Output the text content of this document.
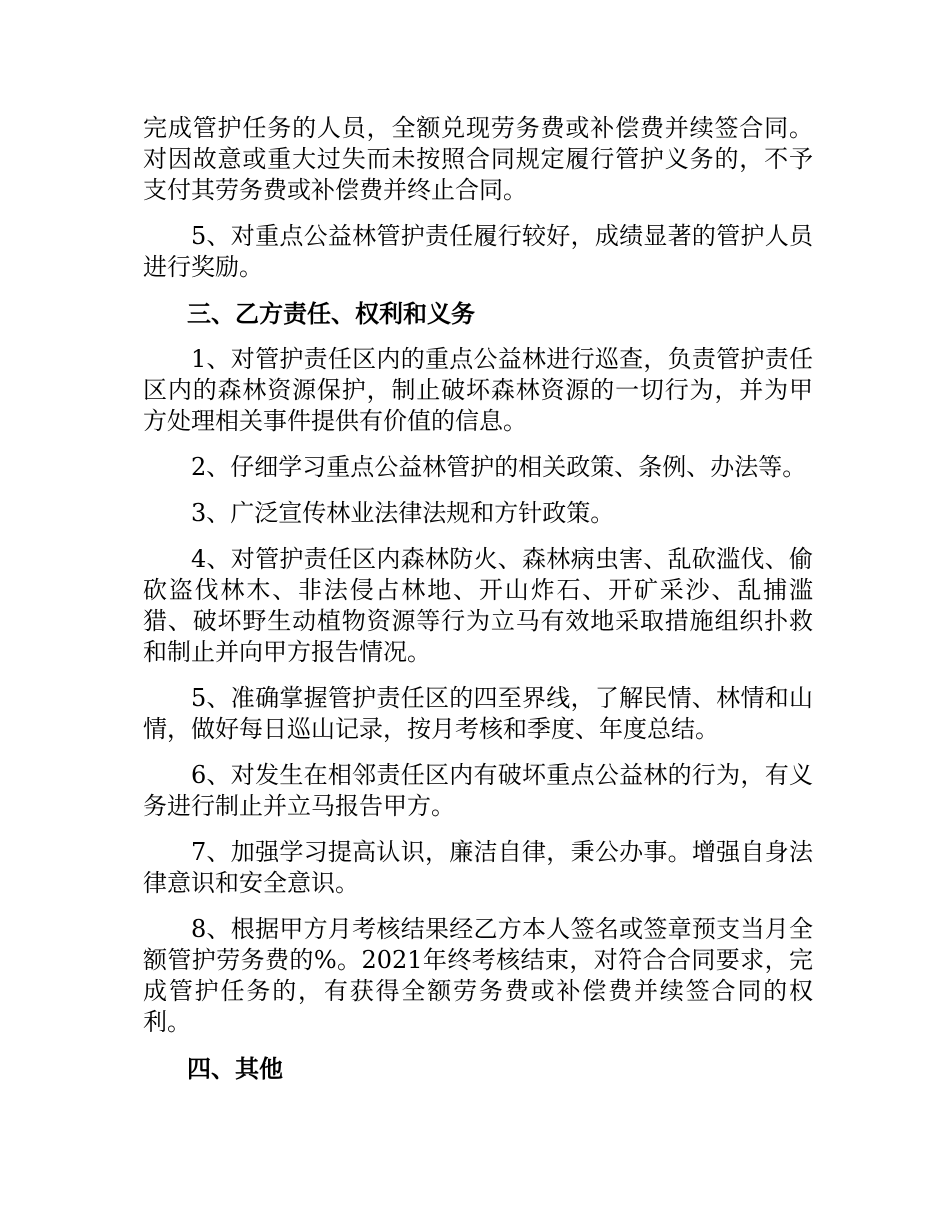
完成管护任务的人员，全额兑现劳务费或补偿费并续签合同。对因故意或重大过失而未按照合同规定履行管护义务的，不予支付其劳务费或补偿费并终止合同。

5、对重点公益林管护责任履行较好，成绩显著的管护人员进行奖励。

三、乙方责任、权利和义务

1、对管护责任区内的重点公益林进行巡查，负责管护责任区内的森林资源保护，制止破坏森林资源的一切行为，并为甲方处理相关事件提供有价值的信息。

2、仔细学习重点公益林管护的相关政策、条例、办法等。

3、广泛宣传林业法律法规和方针政策。

4、对管护责任区内森林防火、森林病虫害、乱砍滥伐、偷砍盗伐林木、非法侵占林地、开山炸石、开矿采沙、乱捕滥猎、破坏野生动植物资源等行为立马有效地采取措施组织扑救和制止并向甲方报告情况。

5、准确掌握管护责任区的四至界线，了解民情、林情和山情，做好每日巡山记录，按月考核和季度、年度总结。

6、对发生在相邻责任区内有破坏重点公益林的行为，有义务进行制止并立马报告甲方。

7、加强学习提高认识，廉洁自律，秉公办事。增强自身法律意识和安全意识。

8、根据甲方月考核结果经乙方本人签名或签章预支当月全额管护劳务费的%。2021年终考核结束，对符合合同要求，完成管护任务的，有获得全额劳务费或补偿费并续签合同的权利。

四、其他
